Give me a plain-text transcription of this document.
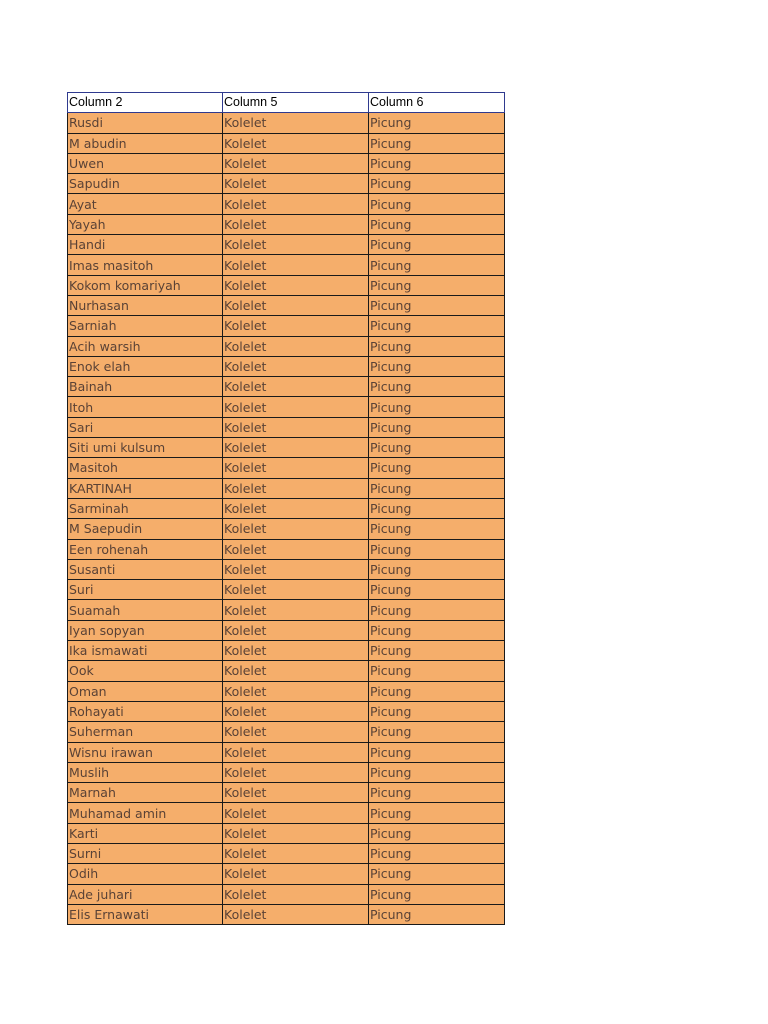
Column 2	Column 5	Column 6
Rusdi	Kolelet	Picung
M abudin	Kolelet	Picung
Uwen	Kolelet	Picung
Sapudin	Kolelet	Picung
Ayat	Kolelet	Picung
Yayah	Kolelet	Picung
Handi	Kolelet	Picung
Imas masitoh	Kolelet	Picung
Kokom komariyah	Kolelet	Picung
Nurhasan	Kolelet	Picung
Sarniah	Kolelet	Picung
Acih warsih	Kolelet	Picung
Enok elah	Kolelet	Picung
Bainah	Kolelet	Picung
Itoh	Kolelet	Picung
Sari	Kolelet	Picung
Siti umi kulsum	Kolelet	Picung
Masitoh	Kolelet	Picung
KARTINAH	Kolelet	Picung
Sarminah	Kolelet	Picung
M Saepudin	Kolelet	Picung
Een rohenah	Kolelet	Picung
Susanti	Kolelet	Picung
Suri	Kolelet	Picung
Suamah	Kolelet	Picung
Iyan sopyan	Kolelet	Picung
Ika ismawati	Kolelet	Picung
Ook	Kolelet	Picung
Oman	Kolelet	Picung
Rohayati	Kolelet	Picung
Suherman	Kolelet	Picung
Wisnu irawan	Kolelet	Picung
Muslih	Kolelet	Picung
Marnah	Kolelet	Picung
Muhamad amin	Kolelet	Picung
Karti	Kolelet	Picung
Surni	Kolelet	Picung
Odih	Kolelet	Picung
Ade juhari	Kolelet	Picung
Elis Ernawati	Kolelet	Picung
